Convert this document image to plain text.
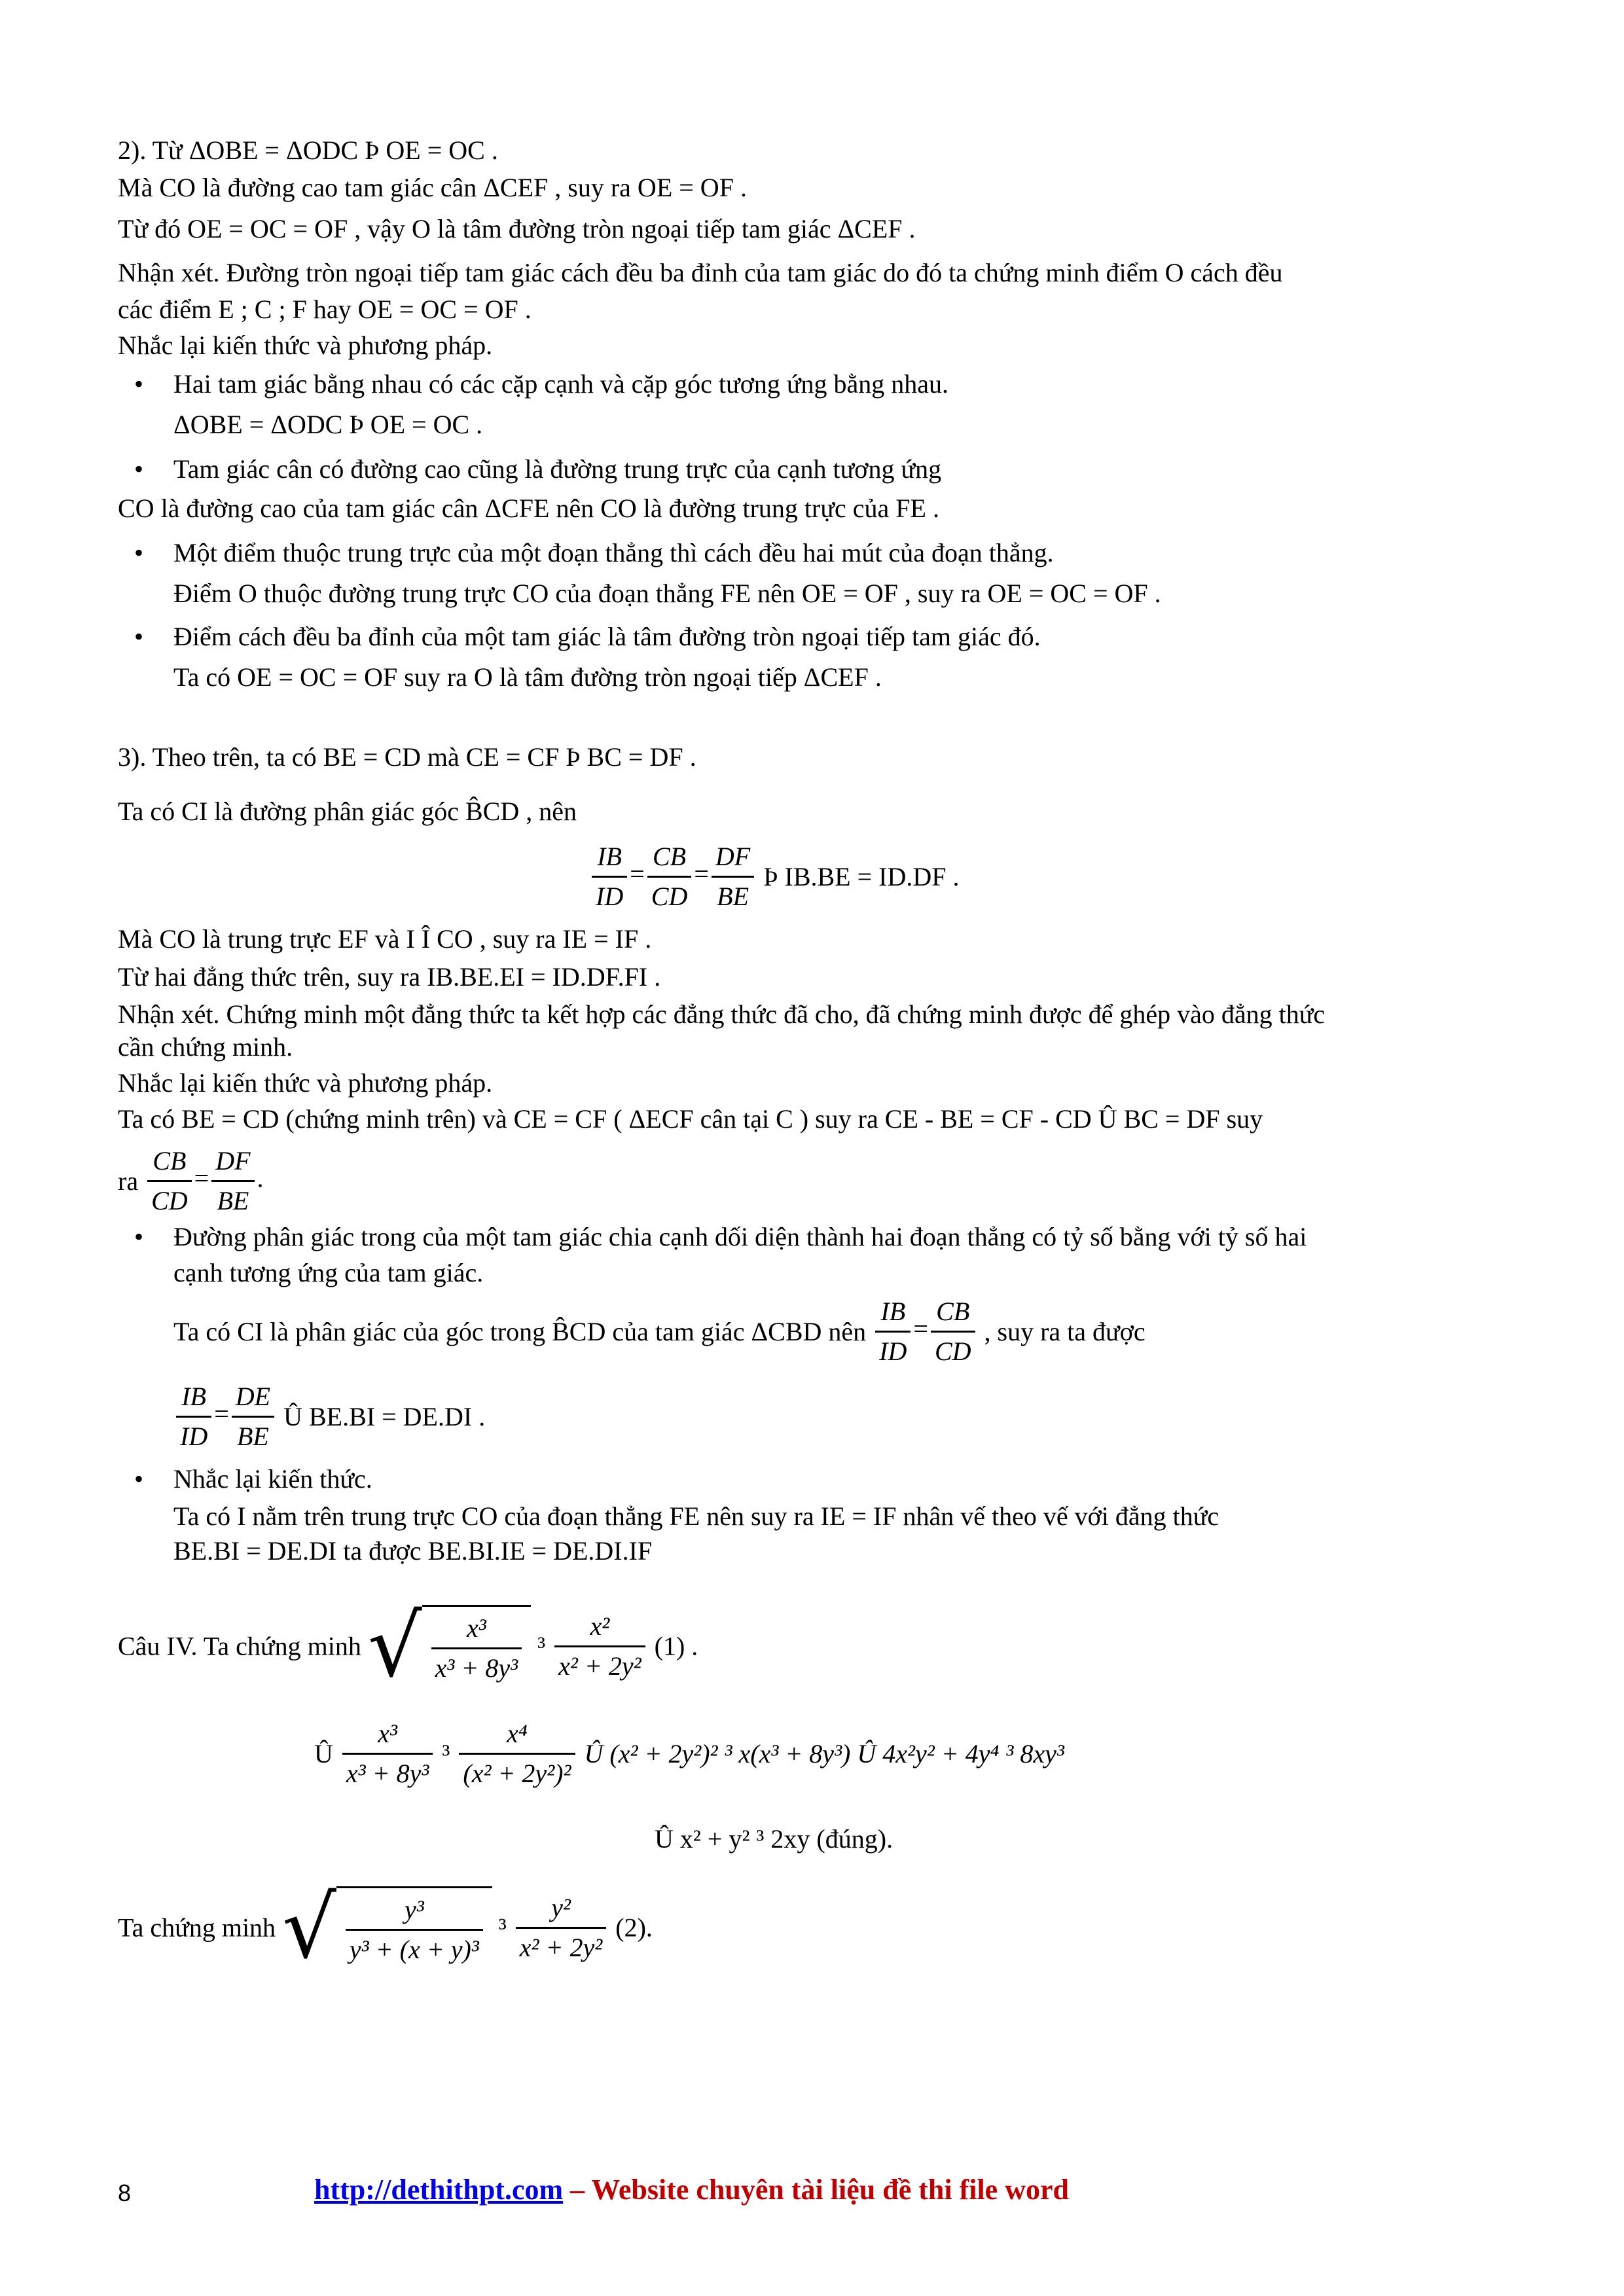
2). Từ ΔOBE = ΔODC Þ OE = OC .
Mà CO là đường cao tam giác cân ΔCEF , suy ra OE = OF .
Từ đó OE = OC = OF , vậy O là tâm đường tròn ngoại tiếp tam giác ΔCEF .
Nhận xét. Đường tròn ngoại tiếp tam giác cách đều ba đỉnh của tam giác do đó ta chứng minh điểm O cách đều
các điểm E ; C ; F hay OE = OC = OF .
Nhắc lại kiến thức và phương pháp.
• Hai tam giác bằng nhau có các cặp cạnh và cặp góc tương ứng bằng nhau.
ΔOBE = ΔODC Þ OE = OC .
• Tam giác cân có đường cao cũng là đường trung trực của cạnh tương ứng
CO là đường cao của tam giác cân ΔCFE nên CO là đường trung trực của FE .
• Một điểm thuộc trung trực của một đoạn thẳng thì cách đều hai mút của đoạn thẳng.
Điểm O thuộc đường trung trực CO của đoạn thẳng FE nên OE = OF , suy ra OE = OC = OF .
• Điểm cách đều ba đỉnh của một tam giác là tâm đường tròn ngoại tiếp tam giác đó.
Ta có OE = OC = OF suy ra O là tâm đường tròn ngoại tiếp ΔCEF .
3). Theo trên, ta có BE = CD mà CE = CF Þ BC = DF .
Ta có CI là đường phân giác góc B̂CD , nên
$\frac{IB}{ID} = \frac{CB}{CD} = \frac{DF}{BE}$ Þ IB.BE = ID.DF .
Mà CO là trung trực EF và I Î CO , suy ra IE = IF .
Từ hai đẳng thức trên, suy ra IB.BE.EI = ID.DF.FI .
Nhận xét. Chứng minh một đẳng thức ta kết hợp các đẳng thức đã cho, đã chứng minh được để ghép vào đẳng thức
cần chứng minh.
Nhắc lại kiến thức và phương pháp.
Ta có BE = CD (chứng minh trên) và CE = CF ( ΔECF cân tại C ) suy ra CE - BE = CF - CD Û BC = DF suy
ra $\frac{CB}{CD} = \frac{DF}{BE}$ .
• Đường phân giác trong của một tam giác chia cạnh dối diện thành hai đoạn thẳng có tỷ số bằng với tỷ số hai
cạnh tương ứng của tam giác.
Ta có CI là phân giác của góc trong B̂CD của tam giác ΔCBD nên $\frac{IB}{ID} = \frac{CB}{CD}$ , suy ra ta được
$\frac{IB}{ID} = \frac{DE}{BE}$ Û BE.BI = DE.DI .
• Nhắc lại kiến thức.
Ta có I nằm trên trung trực CO của đoạn thẳng FE nên suy ra IE = IF nhân vế theo vế với đẳng thức
BE.BI = DE.DI ta được BE.BI.IE = DE.DI.IF
Câu IV. Ta chứng minh √ $\frac{\text{x³}}{\text{x³ + 8y³}} ^3 \frac{\text{x²}}{\text{x² + 2y²}} (1)$ .
Û $\frac{\text{x³}}{\text{x³ + 8y³}} ^3 \frac{\text{x⁴}}{\text{(x² + 2y²)²}}$ Û (x² + 2y²)² ³ x(x³ + 8y³) Û 4x²y² + 4y⁴ ³ 8xy³
Û x² + y² ³ 2xy (đúng).
Ta chứng minh √ $\frac{\text{y³}}{\text{y³ + (x + y)³}} ^3 \frac{\text{y²}}{\text{x² + 2y²}} (2)$.
8	http://dethithpt.com – Website chuyên tài liệu đề thi file word
